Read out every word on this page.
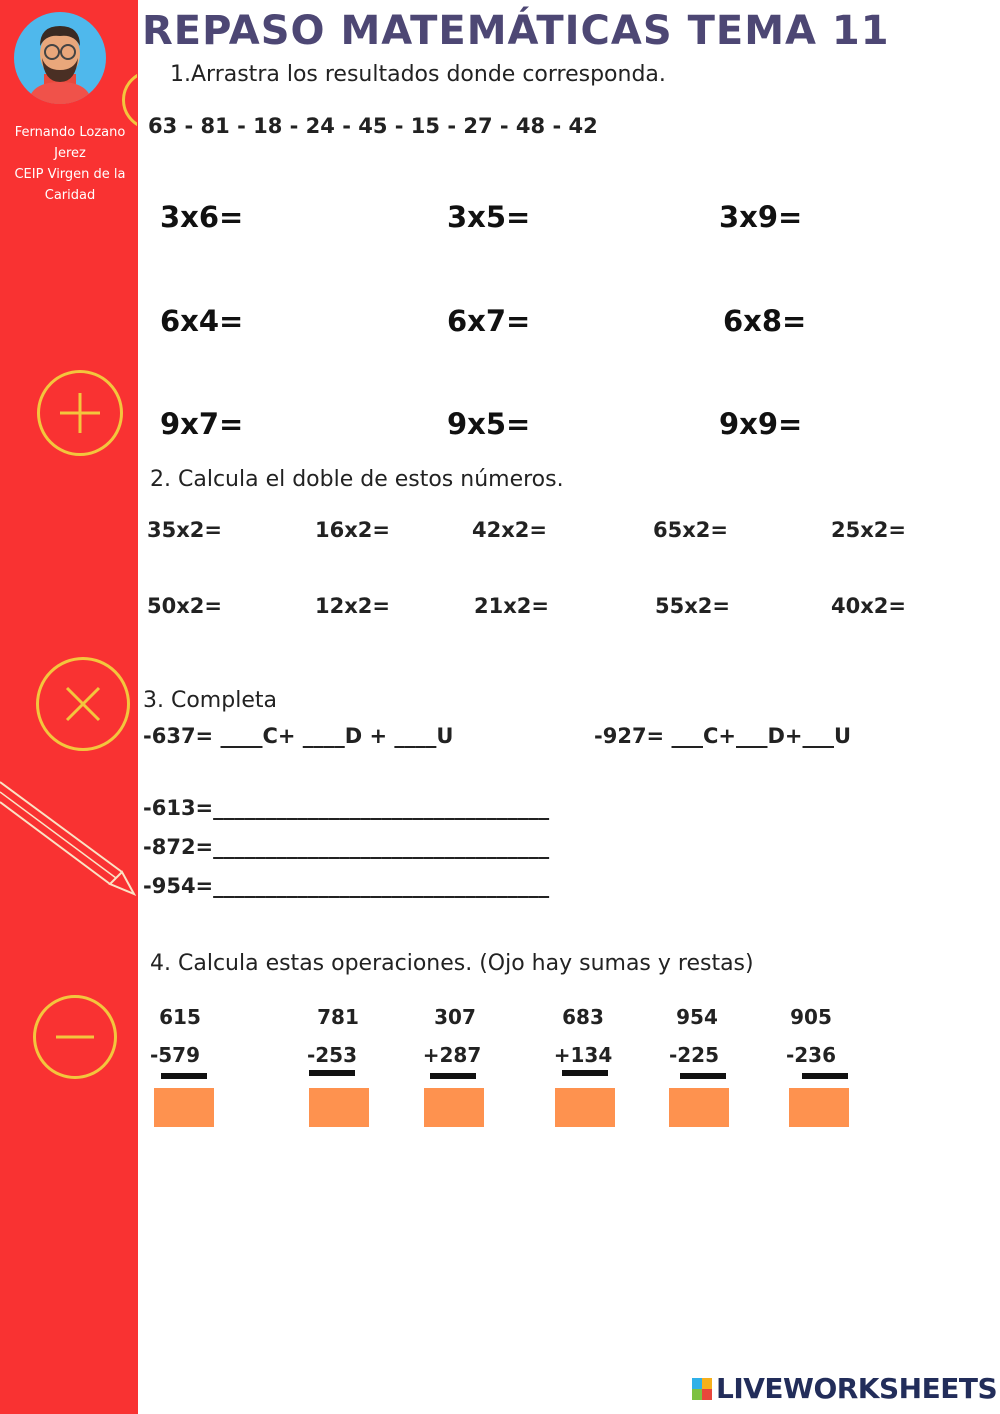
Fernando Lozano
Jerez
CEIP Virgen de la
Caridad
REPASO MATEMÁTICAS TEMA 11
1.Arrastra los resultados donde corresponda.
63 - 81 - 18 - 24 - 45 - 15 - 27 - 48 - 42
3x6=	3x5=	3x9=
6x4=	6x7=	6x8=
9x7=	9x5=	9x9=
2. Calcula el doble de estos números.
35x2=	16x2=	42x2=	65x2=	25x2=
50x2=	12x2=	21x2=	55x2=	40x2=
3. Completa
-637= ____C+ ____D + ____U	-927= ___C+___D+___U
-613=________________________________
-872=________________________________
-954=________________________________
4. Calcula estas operaciones. (Ojo hay sumas y restas)
615
-579
781
-253
307
+287
683
+134
954
-225
905
-236
LIVEWORKSHEETS
